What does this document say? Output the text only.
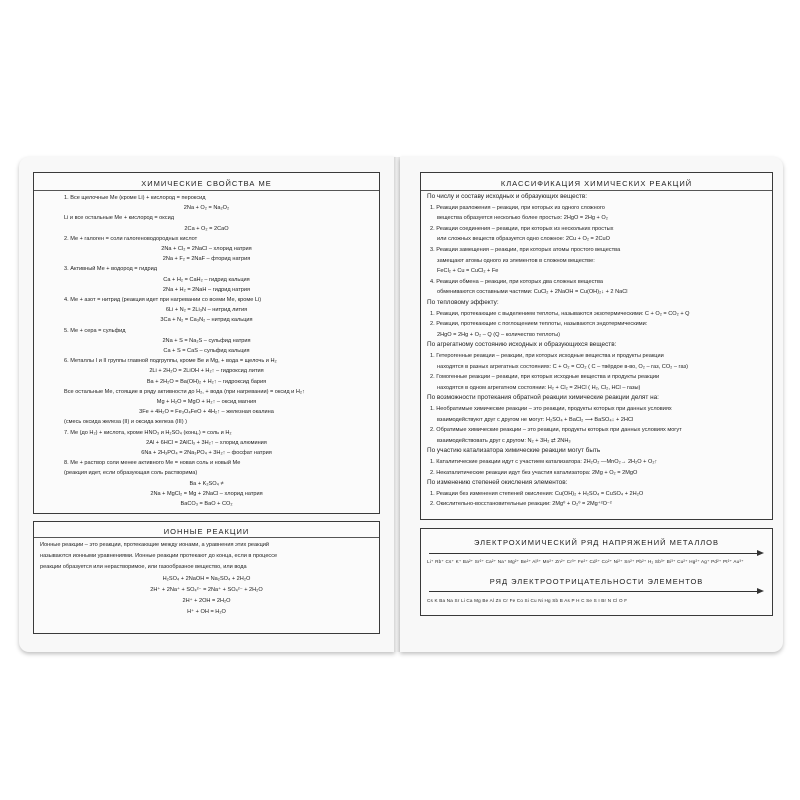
ХИМИЧЕСКИЕ СВОЙСТВА МЕ
1. Все щелочные Ме (кроме Li) + кислород = пероксид
2Na + O₂ = Na₂O₂
Li и все остальные Ме + кислород = оксид
2Ca + O₂ = 2CaO
2. Ме + галоген = соли галогеноводородных кислот
2Na + Cl₂ = 2NaCl – хлорид натрия
2Na + F₂ = 2NaF – фторид натрия
3. Активный Ме + водород = гидрид
Ca + H₂ = CaH₂ – гидрид кальция
2Na + H₂ = 2NaH – гидрид натрия
4. Ме + азот = нитрид (реакция идет при нагревании со всеми Ме, кроме Li)
6Li + N₂ = 2Li₃N – нитрид лития
3Ca + N₂ = Ca₃N₂ – нитрид кальция
5. Ме + сера = сульфид
2Na + S = Na₂S – сульфид натрия
Ca + S = CaS – сульфид кальция
6. Металлы I и II группы главной подгруппы, кроме Be и Mg, + вода = щелочь и H₂
2Li + 2H₂O = 2LiOH + H₂↑ – гидроксид лития
Ba + 2H₂O = Ba(OH)₂ + H₂↑ – гидроксид бария
Все остальные Ме, стоящие в ряду активности до H₂, + вода (при нагревании) = оксид и H₂↑
Mg + H₂O = MgO + H₂↑ – оксид магния
3Fe + 4H₂O = Fe₃O₄FeO + 4H₂↑ – железная окалина
(смесь оксида железа (II) и оксида железа (III) )
7. Ме (до H₂) + кислота, кроме HNO₃ и H₂SO₄ (конц.) = соль и H₂
2Al + 6HCl = 2AlCl₃ + 3H₂↑ – хлорид алюминия
6Na + 2H₃PO₄ = 2Na₃PO₄ + 3H₂↑ – фосфат натрия
8. Ме + раствор соли менее активного Ме = новая соль и новый Ме
(реакция идет, если образующая соль растворима)
Ba + K₂SO₄ ≠
2Na + MgCl₂ = Mg + 2NaCl – хлорид натрия
BaCO₃ = BaO + CO₂
ИОННЫЕ РЕАКЦИИ
Ионные реакции – это реакции, протекающие между ионами, а уравнения этих реакций
называются ионными уравнениями. Ионные реакции протекают до конца, если в процессе
реакции образуется или нерастворимое, или газообразное вещество, или вода
H₂SO₄ + 2NaOH = Na₂SO₄ + 2H₂O
2H⁺ + 2Na⁺ + SO₄²⁻ = 2Na⁺ + SO₄²⁻ + 2H₂O
2H⁺ + 2OH = 2H₂O
H⁺ + OH = H₂O
КЛАССИФИКАЦИЯ ХИМИЧЕСКИХ РЕАКЦИЙ
По числу и составу исходных и образующих веществ:
1. Реакции разложения – реакции, при которых из одного сложного
вещества образуется несколько более простых: 2HgO = 2Hg + O₂
2. Реакции соединения – реакции, при которых из нескольких простых
или сложных веществ образуется одно сложное: 2Cu + O₂ = 2CuO
3. Реакции замещения – реакции, при которых атомы простого вещества
замещают атомы одного из элементов в сложном веществе:
FeCl₂ + Cu = CuCl₂ + Fe
4. Реакции обмена – реакции, при которых два сложных вещества
обмениваются составными частями: CuCl₂ + 2NaOH = Cu(OH)₂↓ + 2 NaCl
По тепловому эффекту:
1. Реакции, протекающие с выделением теплоты, называются экзотермическими: C + O₂ = CO₂ + Q
2. Реакции, протекающие с поглощением теплоты, называются эндотермическими:
2HgO = 2Hg + O₂ – Q (Q – количество теплоты)
По агрегатному состоянию исходных и образующихся веществ:
1. Гетерогенные реакции – реакции, при которых исходные вещества и продукты реакции
находятся в разных агрегатных состояниях: C + O₂ = CO₂ ( C – твёрдое в-во, O₂ – газ, CO₂ – газ)
2. Гомогенные реакции – реакции, при которых исходные вещества и продукты реакции
находятся в одном агрегатном состоянии: H₂ + Cl₂ = 2HCl ( H₂, Cl₂, HCl – газы)
По возможности протекания обратной реакции химические реакции делят на:
1. Необратимые химические реакции – это реакции, продукты которых при данных условиях
взаимодействуют друг с другом не могут: H₂SO₄ + BaCl₂ ⟶ BaSO₄↓ + 2HCl
2. Обратимые химические реакции – это реакции, продукты которых при данных условиях могут
взаимодействовать друг с другом: N₂ + 3H₂ ⇄ 2NH₃
По участию катализатора химические реакции могут быть
1. Каталитические реакции идут с участием катализатора: 2H₂O₂ —MnO₂→ 2H₂O + O₂↑
2. Некаталитические реакции идут без участия катализатора: 2Mg + O₂ = 2MgO
По изменению степеней окисления элементов:
1. Реакции без изменения степеней окисления: Cu(OH)₂ + H₂SO₄ = CuSO₄ + 2H₂O
2. Окислительно-восстановительные реакции: 2Mg⁰ + O₂⁰ = 2Mg⁺²O⁻²
ЭЛЕКТРОХИМИЧЕСКИЙ РЯД НАПРЯЖЕНИЙ МЕТАЛЛОВ
Li⁺ Rb⁺ Cs⁺ K⁺ Ba²⁺ Sr²⁺ Ca²⁺ Na⁺ Mg²⁺ Be²⁺ Al³⁺ Mn²⁺ Zn²⁺ Cr³⁺ Fe²⁺ Cd²⁺ Co²⁺ Ni²⁺ Sn²⁺ Pb²⁺ H₂ Sb³⁺ Bi³⁺ Cu²⁺ Hg²⁺ Ag⁺ Pd²⁺ Pt²⁺ Au³⁺
РЯД ЭЛЕКТРООТРИЦАТЕЛЬНОСТИ ЭЛЕМЕНТОВ
Cs K Ba Na Sr Li Ca Mg Be Al Zn Cr Fe Co Si Cu Ni Hg Sb B As P H C Se S I Br N Cl O F
